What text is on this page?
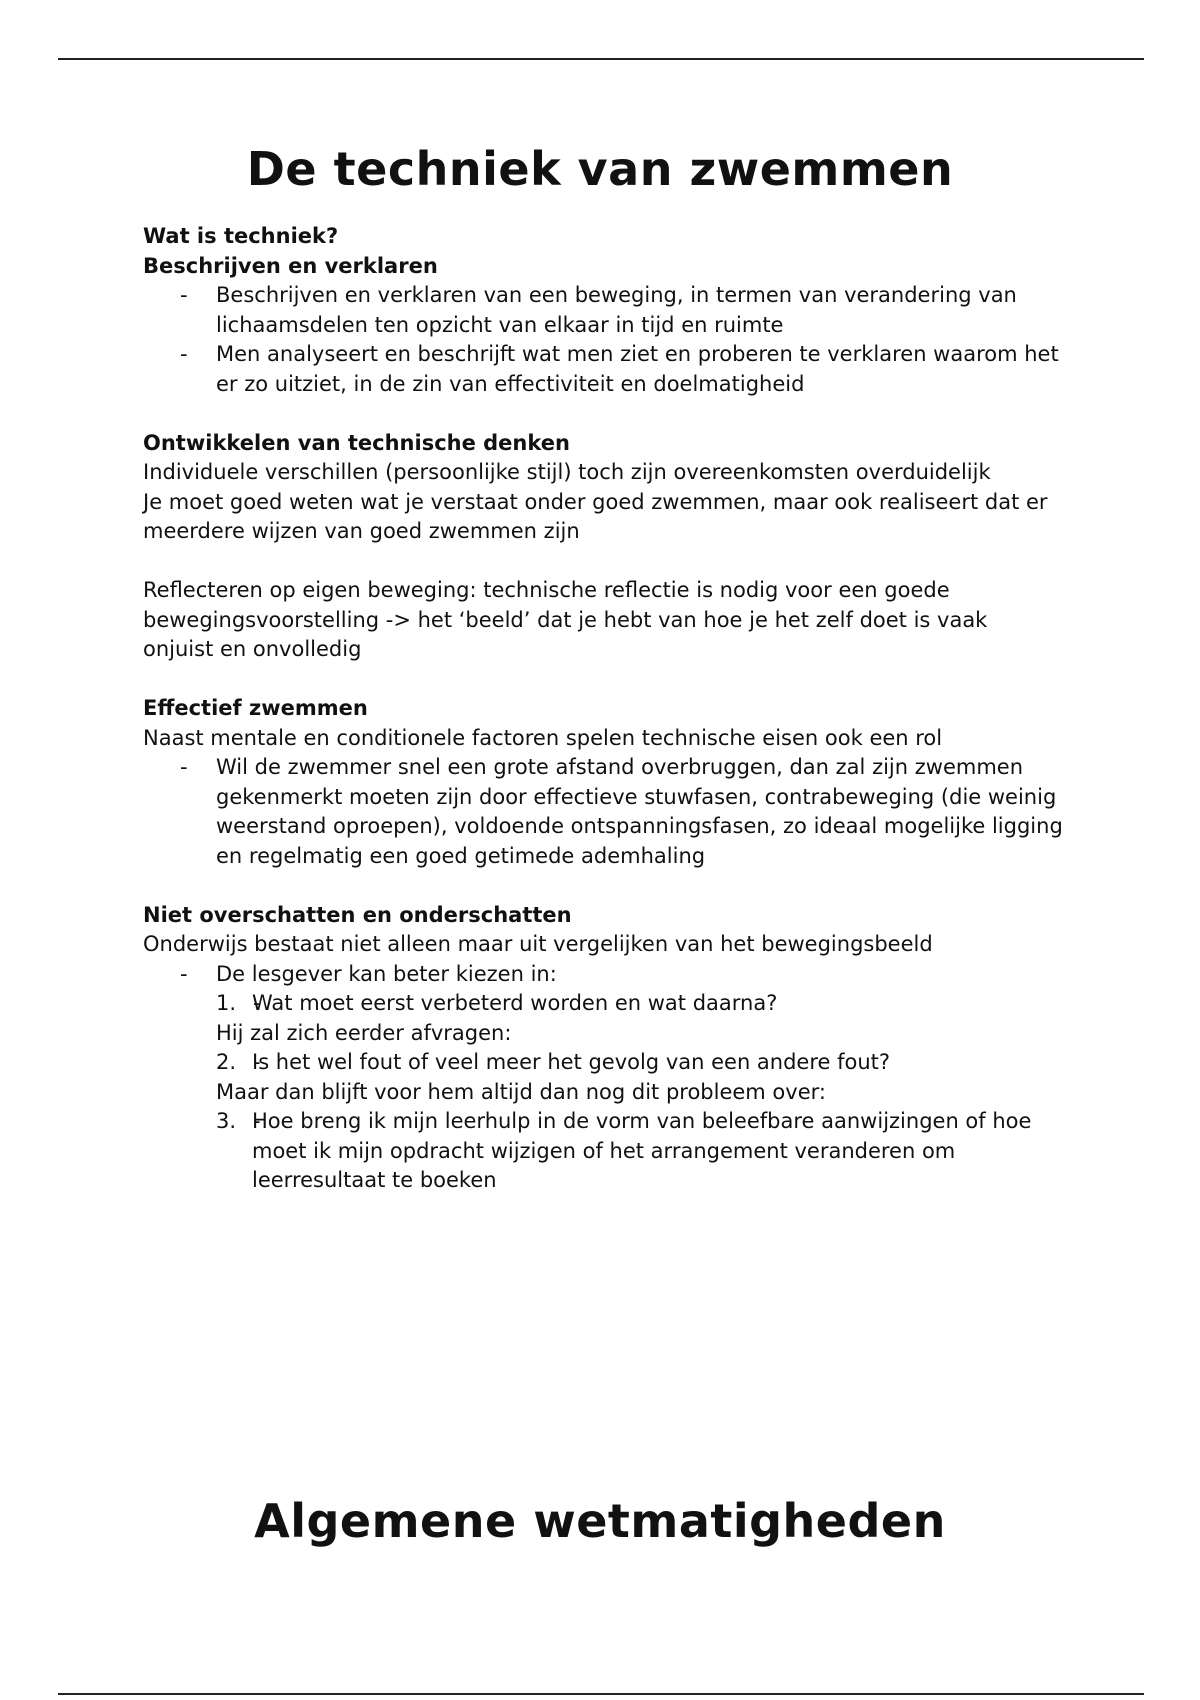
De techniek van zwemmen

Wat is techniek?

Beschrijven en verklaren

- Beschrijven en verklaren van een beweging, in termen van verandering van lichaamsdelen ten opzicht van elkaar in tijd en ruimte
- Men analyseert en beschrijft wat men ziet en proberen te verklaren waarom het er zo uitziet, in de zin van effectiviteit en doelmatigheid

Ontwikkelen van technische denken

Individuele verschillen (persoonlijke stijl) toch zijn overeenkomsten overduidelijk

Je moet goed weten wat je verstaat onder goed zwemmen, maar ook realiseert dat er meerdere wijzen van goed zwemmen zijn

Reflecteren op eigen beweging: technische reflectie is nodig voor een goede bewegingsvoorstelling -> het ‘beeld’ dat je hebt van hoe je het zelf doet is vaak onjuist en onvolledig

Effectief zwemmen

Naast mentale en conditionele factoren spelen technische eisen ook een rol

- Wil de zwemmer snel een grote afstand overbruggen, dan zal zijn zwemmen gekenmerkt moeten zijn door effectieve stuwfasen, contrabeweging (die weinig weerstand oproepen), voldoende ontspanningsfasen, zo ideaal mogelijke ligging en regelmatig een goed getimede ademhaling

Niet overschatten en onderschatten

Onderwijs bestaat niet alleen maar uit vergelijken van het bewegingsbeeld

- De lesgever kan beter kiezen in:
- 1. Wat moet eerst verbeterd worden en wat daarna?
Hij zal zich eerder afvragen:
- 2. Is het wel fout of veel meer het gevolg van een andere fout?
Maar dan blijft voor hem altijd dan nog dit probleem over:
- 3. Hoe breng ik mijn leerhulp in de vorm van beleefbare aanwijzingen of hoe moet ik mijn opdracht wijzigen of het arrangement veranderen om leerresultaat te boeken
Algemene wetmatigheden
